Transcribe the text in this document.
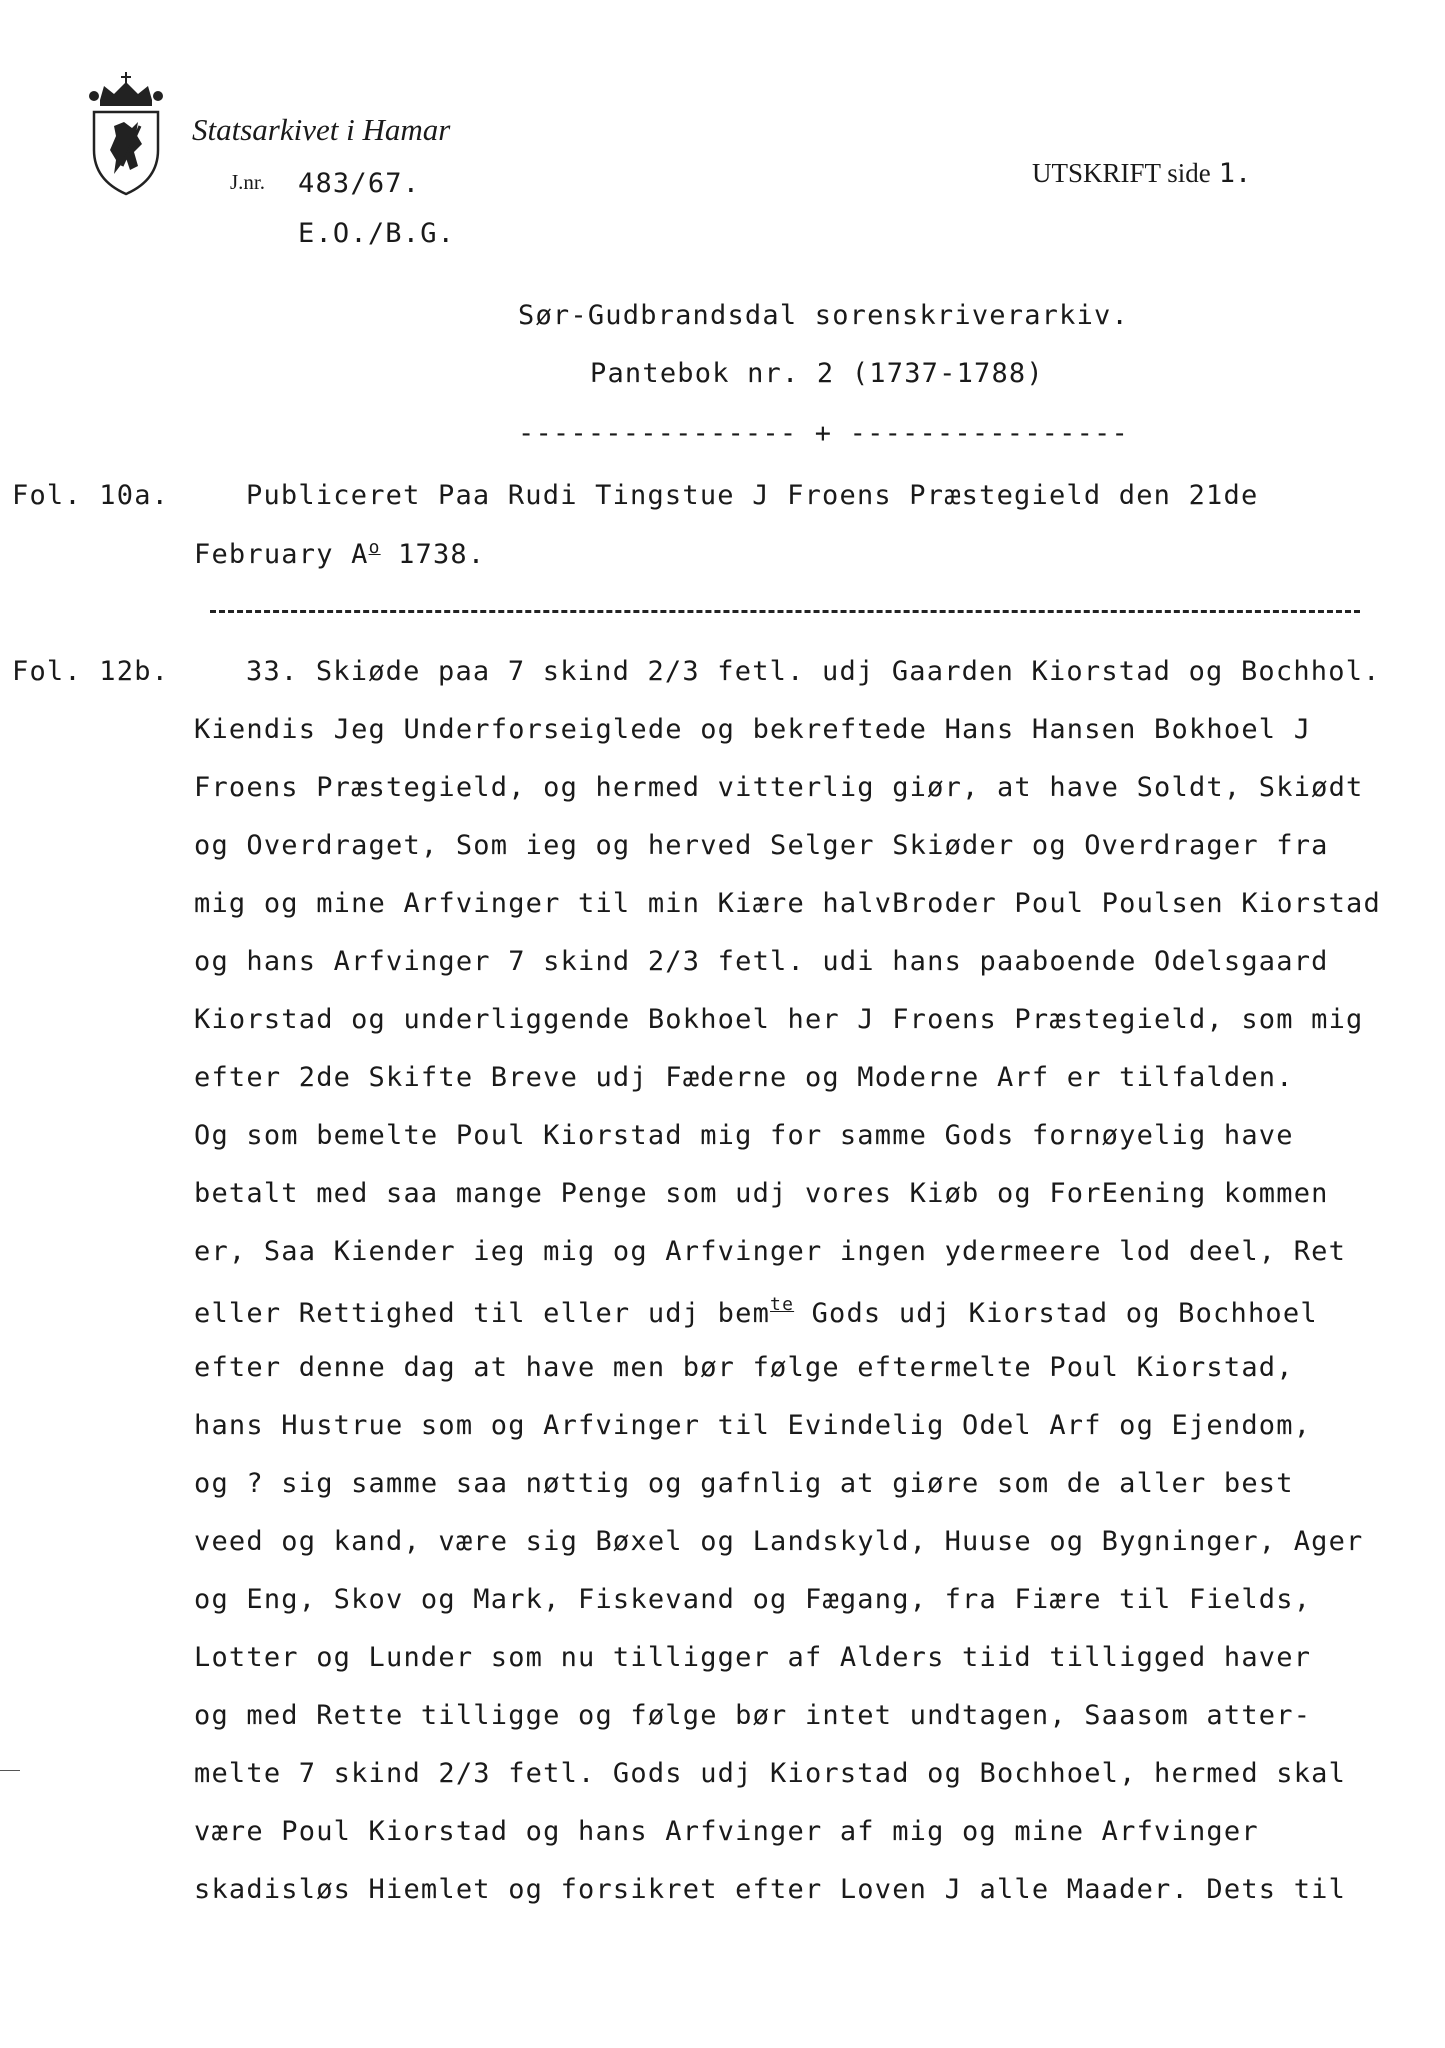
Statsarkivet i Hamar
J.nr. 483/67.
E.O./B.G.
UTSKRIFT side 1.
Sør-Gudbrandsdal sorenskriverarkiv.
Pantebok nr. 2 (1737-1788)
---------------- + ----------------
Fol. 10a.	Publiceret Paa Rudi Tingstue J Froens Præstegield den 21de
February $A^o$ 1738.
Fol. 12b.	33. Skiøde paa 7 skind 2/3 fetl. udj Gaarden Kiorstad og Bochhol.
Kiendis Jeg Underforseiglede og bekreftede Hans Hansen Bokhoel J
Froens Præstegield, og hermed vitterlig giør, at have Soldt, Skiødt
og Overdraget, Som ieg og herved Selger Skiøder og Overdrager fra
mig og mine Arfvinger til min Kiære halvBroder Poul Poulsen Kiorstad
og hans Arfvinger 7 skind 2/3 fetl. udi hans paaboende Odelsgaard
Kiorstad og underliggende Bokhoel her J Froens Præstegield, som mig
efter 2de Skifte Breve udj Fæderne og Moderne Arf er tilfalden.
Og som bemelte Poul Kiorstad mig for samme Gods fornøyelig have
betalt med saa mange Penge som udj vores Kiøb og ForEening kommen
er, Saa Kiender ieg mig og Arfvinger ingen ydermeere lod deel, Ret
eller Rettighed til eller udj bem$^{te}$ Gods udj Kiorstad og Bochhoel
efter denne dag at have men bør følge eftermelte Poul Kiorstad,
hans Hustrue som og Arfvinger til Evindelig Odel Arf og Ejendom,
og ? sig samme saa nøttig og gafnlig at giøre som de aller best
veed og kand, være sig Bøxel og Landskyld, Huuse og Bygninger, Ager
og Eng, Skov og Mark, Fiskevand og Fægang, fra Fiære til Fields,
Lotter og Lunder som nu tilligger af Alders tiid tilligged haver
og med Rette tilligge og følge bør intet undtagen, Saasom atter-
melte 7 skind 2/3 fetl. Gods udj Kiorstad og Bochhoel, hermed skal
være Poul Kiorstad og hans Arfvinger af mig og mine Arfvinger
skadisløs Hiemlet og forsikret efter Loven J alle Maader. Dets til
